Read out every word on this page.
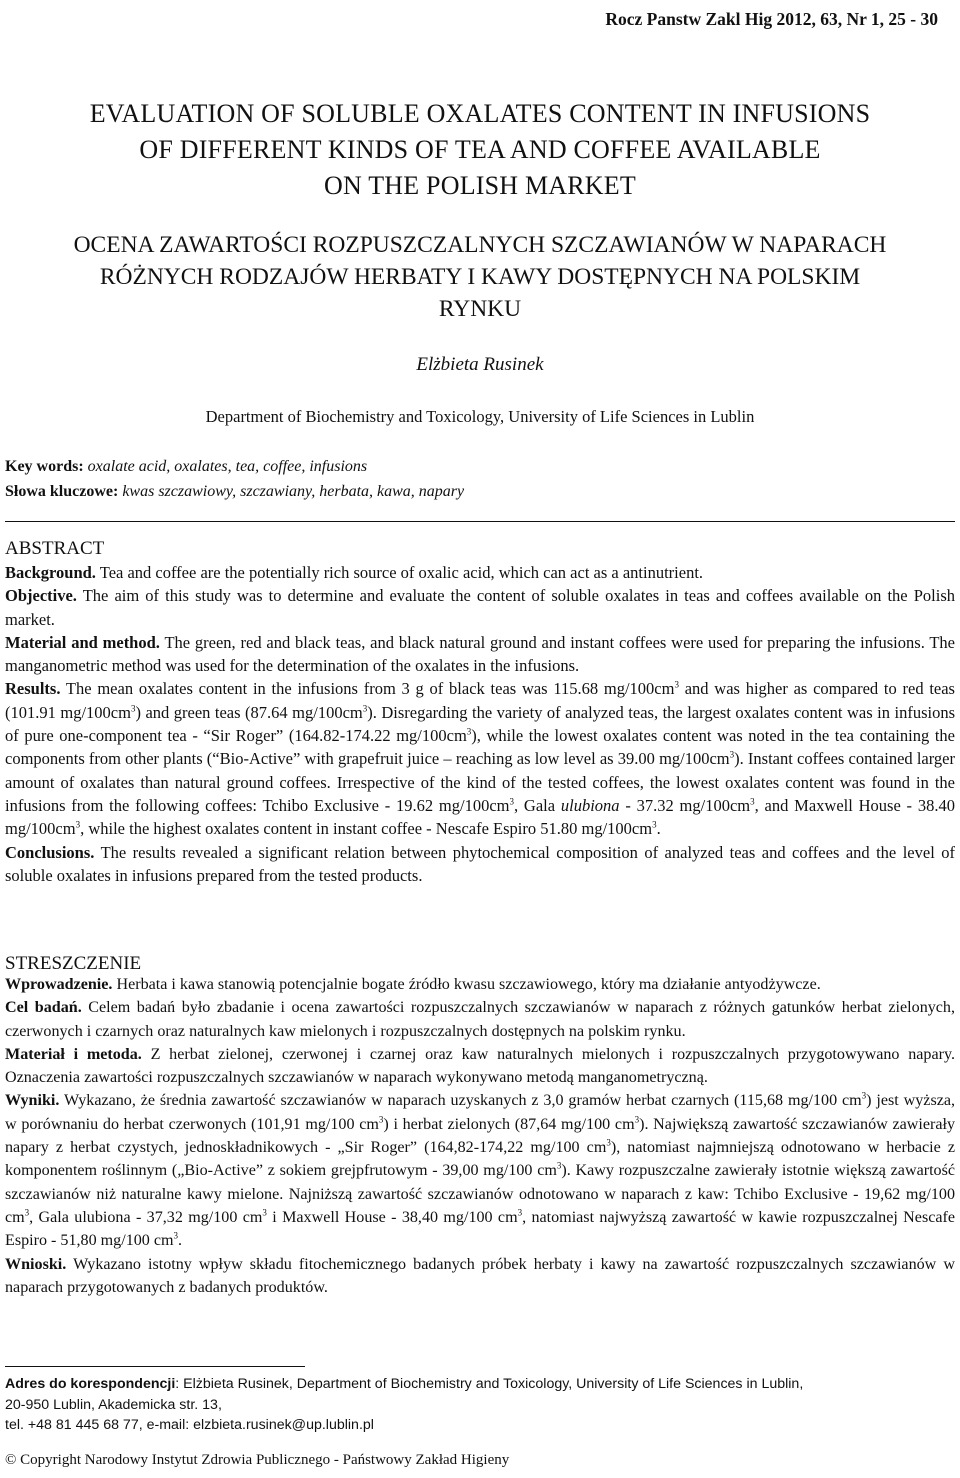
Rocz Panstw Zakl Hig 2012, 63, Nr 1, 25 - 30
EVALUATION OF SOLUBLE OXALATES CONTENT IN INFUSIONS
OF DIFFERENT KINDS OF TEA AND COFFEE AVAILABLE
ON THE POLISH MARKET
OCENA ZAWARTOŚCI ROZPUSZCZALNYCH SZCZAWIANÓW W NAPARACH
RÓŻNYCH RODZAJÓW HERBATY I KAWY DOSTĘPNYCH NA POLSKIM
RYNKU
Elżbieta Rusinek
Department of Biochemistry and Toxicology, University of Life Sciences in Lublin
Key words: oxalate acid, oxalates, tea, coffee, infusions
Słowa kluczowe: kwas szczawiowy, szczawiany, herbata, kawa, napary
ABSTRACT

Background. Tea and coffee are the potentially rich source of oxalic acid, which can act as a antinutrient.

Objective. The aim of this study was to determine and evaluate the content of soluble oxalates in teas and coffees available on the Polish market.

Material and method. The green, red and black teas, and black natural ground and instant coffees were used for preparing the infusions. The manganometric method was used for the determination of the oxalates in the infusions.

Results. The mean oxalates content in the infusions from 3 g of black teas was 115.68 $mg/100cm^3$ and was higher as compared to red teas (101.91 $mg/100cm^3$) and green teas (87.64 $mg/100cm^3$). Disregarding the variety of analyzed teas, the largest oxalates content was in infusions of pure one-component tea - “Sir Roger” (164.82-174.22 $mg/100cm^3$), while the lowest oxalates content was noted in the tea containing the components from other plants (“Bio-Active” with grapefruit juice – reaching as low level as 39.00 $mg/100cm^3$). Instant coffees contained larger amount of oxalates than natural ground coffees. Irrespective of the kind of the tested coffees, the lowest oxalates content was found in the infusions from the following coffees: Tchibo Exclusive - 19.62 $mg/100cm^3$, Gala ulubiona - 37.32 $mg/100cm^3$, and Maxwell House - 38.40 $mg/100cm^3$, while the highest oxalates content in instant coffee - Nescafe Espiro 51.80 $mg/100cm^3$.

Conclusions. The results revealed a significant relation between phytochemical composition of analyzed teas and coffees and the level of soluble oxalates in infusions prepared from the tested products.

STRESZCZENIE

Wprowadzenie. Herbata i kawa stanowią potencjalnie bogate źródło kwasu szczawiowego, który ma działanie antyodżywcze.

Cel badań. Celem badań było zbadanie i ocena zawartości rozpuszczalnych szczawianów w naparach z różnych gatunków herbat zielonych, czerwonych i czarnych oraz naturalnych kaw mielonych i rozpuszczalnych dostępnych na polskim rynku.

Materiał i metoda. Z herbat zielonej, czerwonej i czarnej oraz kaw naturalnych mielonych i rozpuszczalnych przygotowywano napary. Oznaczenia zawartości rozpuszczalnych szczawianów w naparach wykonywano metodą manganometryczną.

Wyniki. Wykazano, że średnia zawartość szczawianów w naparach uzyskanych z 3,0 gramów herbat czarnych (115,68 mg/100 $cm^3$) jest wyższa, w porównaniu do herbat czerwonych (101,91 mg/100 $cm^3$) i herbat zielonych (87,64 mg/100 $cm^3$). Największą zawartość szczawianów zawierały napary z herbat czystych, jednoskładnikowych - „Sir Roger” (164,82-174,22 mg/100 $cm^3$), natomiast najmniejszą odnotowano w herbacie z komponentem roślinnym („Bio-Active” z sokiem grejpfrutowym - 39,00 mg/100 $cm^3$). Kawy rozpuszczalne zawierały istotnie większą zawartość szczawianów niż naturalne kawy mielone. Najniższą zawartość szczawianów odnotowano w naparach z kaw: Tchibo Exclusive - 19,62 mg/100 $cm^3$, Gala ulubiona - 37,32 mg/100 $cm^3$ i Maxwell House - 38,40 mg/100 $cm^3$, natomiast najwyższą zawartość w kawie rozpuszczalnej Nescafe Espiro - 51,80 mg/100 $cm^3$.

Wnioski. Wykazano istotny wpływ składu fitochemicznego badanych próbek herbaty i kawy na zawartość rozpuszczalnych szczawianów w naparach przygotowanych z badanych produktów.

Adres do korespondencji: Elżbieta Rusinek, Department of Biochemistry and Toxicology, University of Life Sciences in Lublin,
20-950 Lublin, Akademicka str. 13,
tel. +48 81 445 68 77, e-mail: elzbieta.rusinek@up.lublin.pl
© Copyright Narodowy Instytut Zdrowia Publicznego - Państwowy Zakład Higieny
